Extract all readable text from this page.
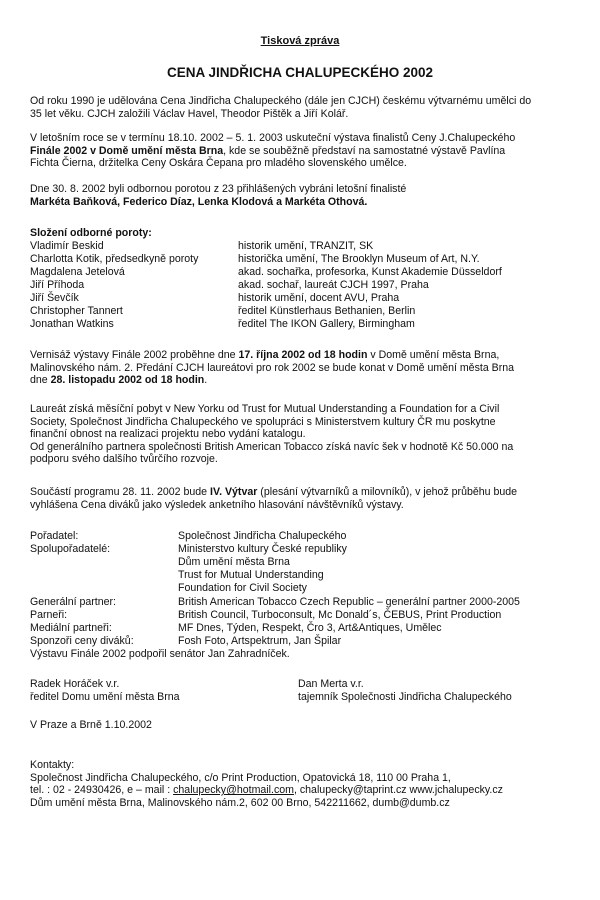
Tisková zpráva
CENA JINDŘICHA CHALUPECKÉHO 2002
Od roku 1990 je udělována Cena Jindřicha Chalupeckého (dále jen CJCH) českému výtvarnému umělci do
35 let věku. CJCH založili Václav Havel, Theodor Pištěk a Jiří Kolář.
V letošním roce se v termínu 18.10. 2002 – 5. 1. 2003 uskuteční výstava finalistů Ceny J.Chalupeckého
Finále 2002 v Domě umění města Brna, kde se souběžně představí na samostatné výstavě Pavlína
Fichta Čierna, držitelka Ceny Oskára Čepana pro mladého slovenského umělce.
Dne 30. 8. 2002 byli odbornou porotou z 23 přihlášených vybráni letošní finalisté
Markéta Baňková, Federico Díaz, Lenka Klodová a Markéta Othová.
Složení odborné poroty:
Vladimír Beskid	historik umění, TRANZIT, SK
Charlotta Kotik, předsedkyně poroty	historička umění, The Brooklyn Museum of Art, N.Y.
Magdalena Jetelová	akad. sochařka, profesorka, Kunst Akademie Düsseldorf
Jiří Příhoda	akad. sochař, laureát CJCH 1997, Praha
Jiří Ševčík	historik umění, docent AVU, Praha
Christopher Tannert	ředitel Künstlerhaus Bethanien, Berlin
Jonathan Watkins	ředitel The IKON Gallery, Birmingham
Vernisáž výstavy Finále 2002 proběhne dne 17. října 2002 od 18 hodin v Domě umění města Brna,
Malinovského nám. 2. Předání CJCH laureátovi pro rok 2002 se bude konat v Domě umění města Brna
dne 28. listopadu 2002 od 18 hodin.
Laureát získá měsíční pobyt v New Yorku od Trust for Mutual Understanding a Foundation for a Civil
Society, Společnost Jindřicha Chalupeckého ve spolupráci s Ministerstvem kultury ČR mu poskytne
finanční obnost na realizaci projektu nebo vydání katalogu.
Od generálního partnera společnosti British American Tobacco získá navíc šek v hodnotě Kč 50.000 na
podporu svého dalšího tvůrčího rozvoje.
Součástí programu 28. 11. 2002 bude IV. Výtvar (plesání výtvarníků a milovníků), v jehož průběhu bude
vyhlášena Cena diváků jako výsledek anketního hlasování návštěvníků výstavy.
Pořadatel:	Společnost Jindřicha Chalupeckého
Spolupořadatelé:	Ministerstvo kultury České republiky
Dům umění města Brna
Trust for Mutual Understanding
Foundation for Civil Society
Generální partner:	British American Tobacco Czech Republic – generální partner 2000-2005
Parneři:	British Council, Turboconsult, Mc Donald´s, ČEBUS, Print Production
Mediální partneři:	MF Dnes, Týden, Respekt, Čro 3, Art&Antiques, Umělec
Sponzoři ceny diváků:	Fosh Foto, Artspektrum, Jan Špilar
Výstavu Finále 2002 podpořil senátor Jan Zahradníček.
Radek Horáček v.r.
ředitel Domu umění města Brna
Dan Merta v.r.
tajemník Společnosti Jindřicha Chalupeckého
V Praze a Brně 1.10.2002
Kontakty:
Společnost Jindřicha Chalupeckého, c/o Print Production, Opatovická 18, 110 00 Praha 1,
tel. : 02 - 24930426, e – mail : chalupecky@hotmail.com, chalupecky@taprint.cz www.jchalupecky.cz
Dům umění města Brna, Malinovského nám.2, 602 00 Brno, 542211662, dumb@dumb.cz
